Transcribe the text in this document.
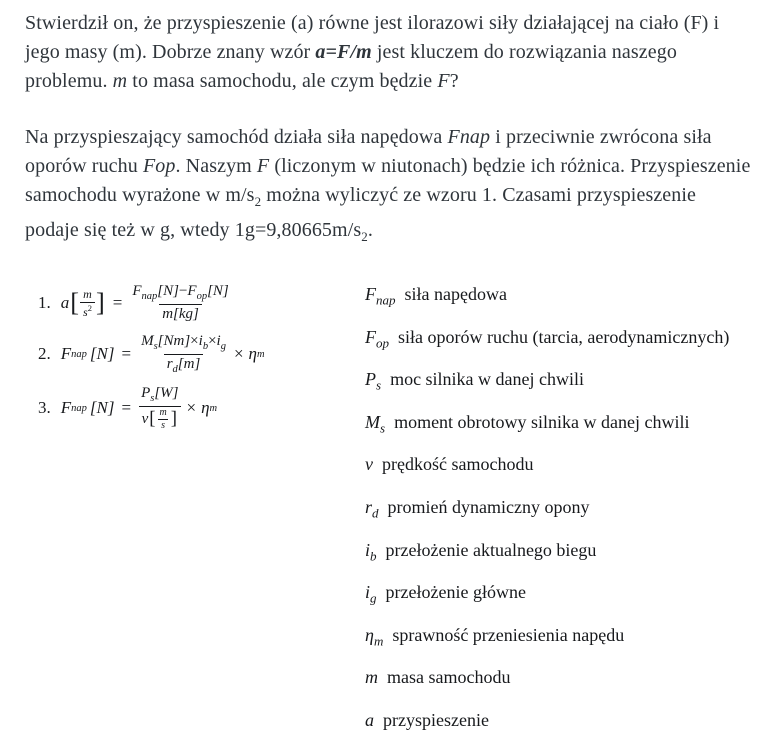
Stwierdził on, że przyspieszenie (a) równe jest ilorazowi siły działającej na ciało (F) i jego masy (m). Dobrze znany wzór a=F/m jest kluczem do rozwiązania naszego problemu. m to masa samochodu, ale czym będzie F?

Na przyspieszający samochód działa siła napędowa Fnap i przeciwnie zwrócona siła oporów ruchu Fop. Naszym F (liczonym w niutonach) będzie ich różnica. Przyspieszenie samochodu wyrażone w $m/s_2$ można wyliczyć ze wzoru 1. Czasami przyspieszenie podaje się też w g, wtedy $1g=9,80665m/s_2$.

1. a [ $\frac{m}{s^2}$ ] = $\frac{F_{nap}[N]-F_{op}[N]}{m[kg]}$
2. F nap $[N] = \frac{M_s[Nm]\times i_b\times i_g}{r_d[m]} \times \eta$ m
3. F nap $[N] = \frac{P_s[W]}{v [ \frac{m}{s} ]} \times \eta$ m
$F_{nap}$ siła napędowa
$F_{op}$ siła oporów ruchu (tarcia, aerodynamicznych)
$P_s$ moc silnika w danej chwili
$M_s$ moment obrotowy silnika w danej chwili
v prędkość samochodu
$r_d$ promień dynamiczny opony
$i_b$ przełożenie aktualnego biegu
$i_g$ przełożenie główne
$\eta_m$ sprawność przeniesienia napędu
m masa samochodu
a przyspieszenie
